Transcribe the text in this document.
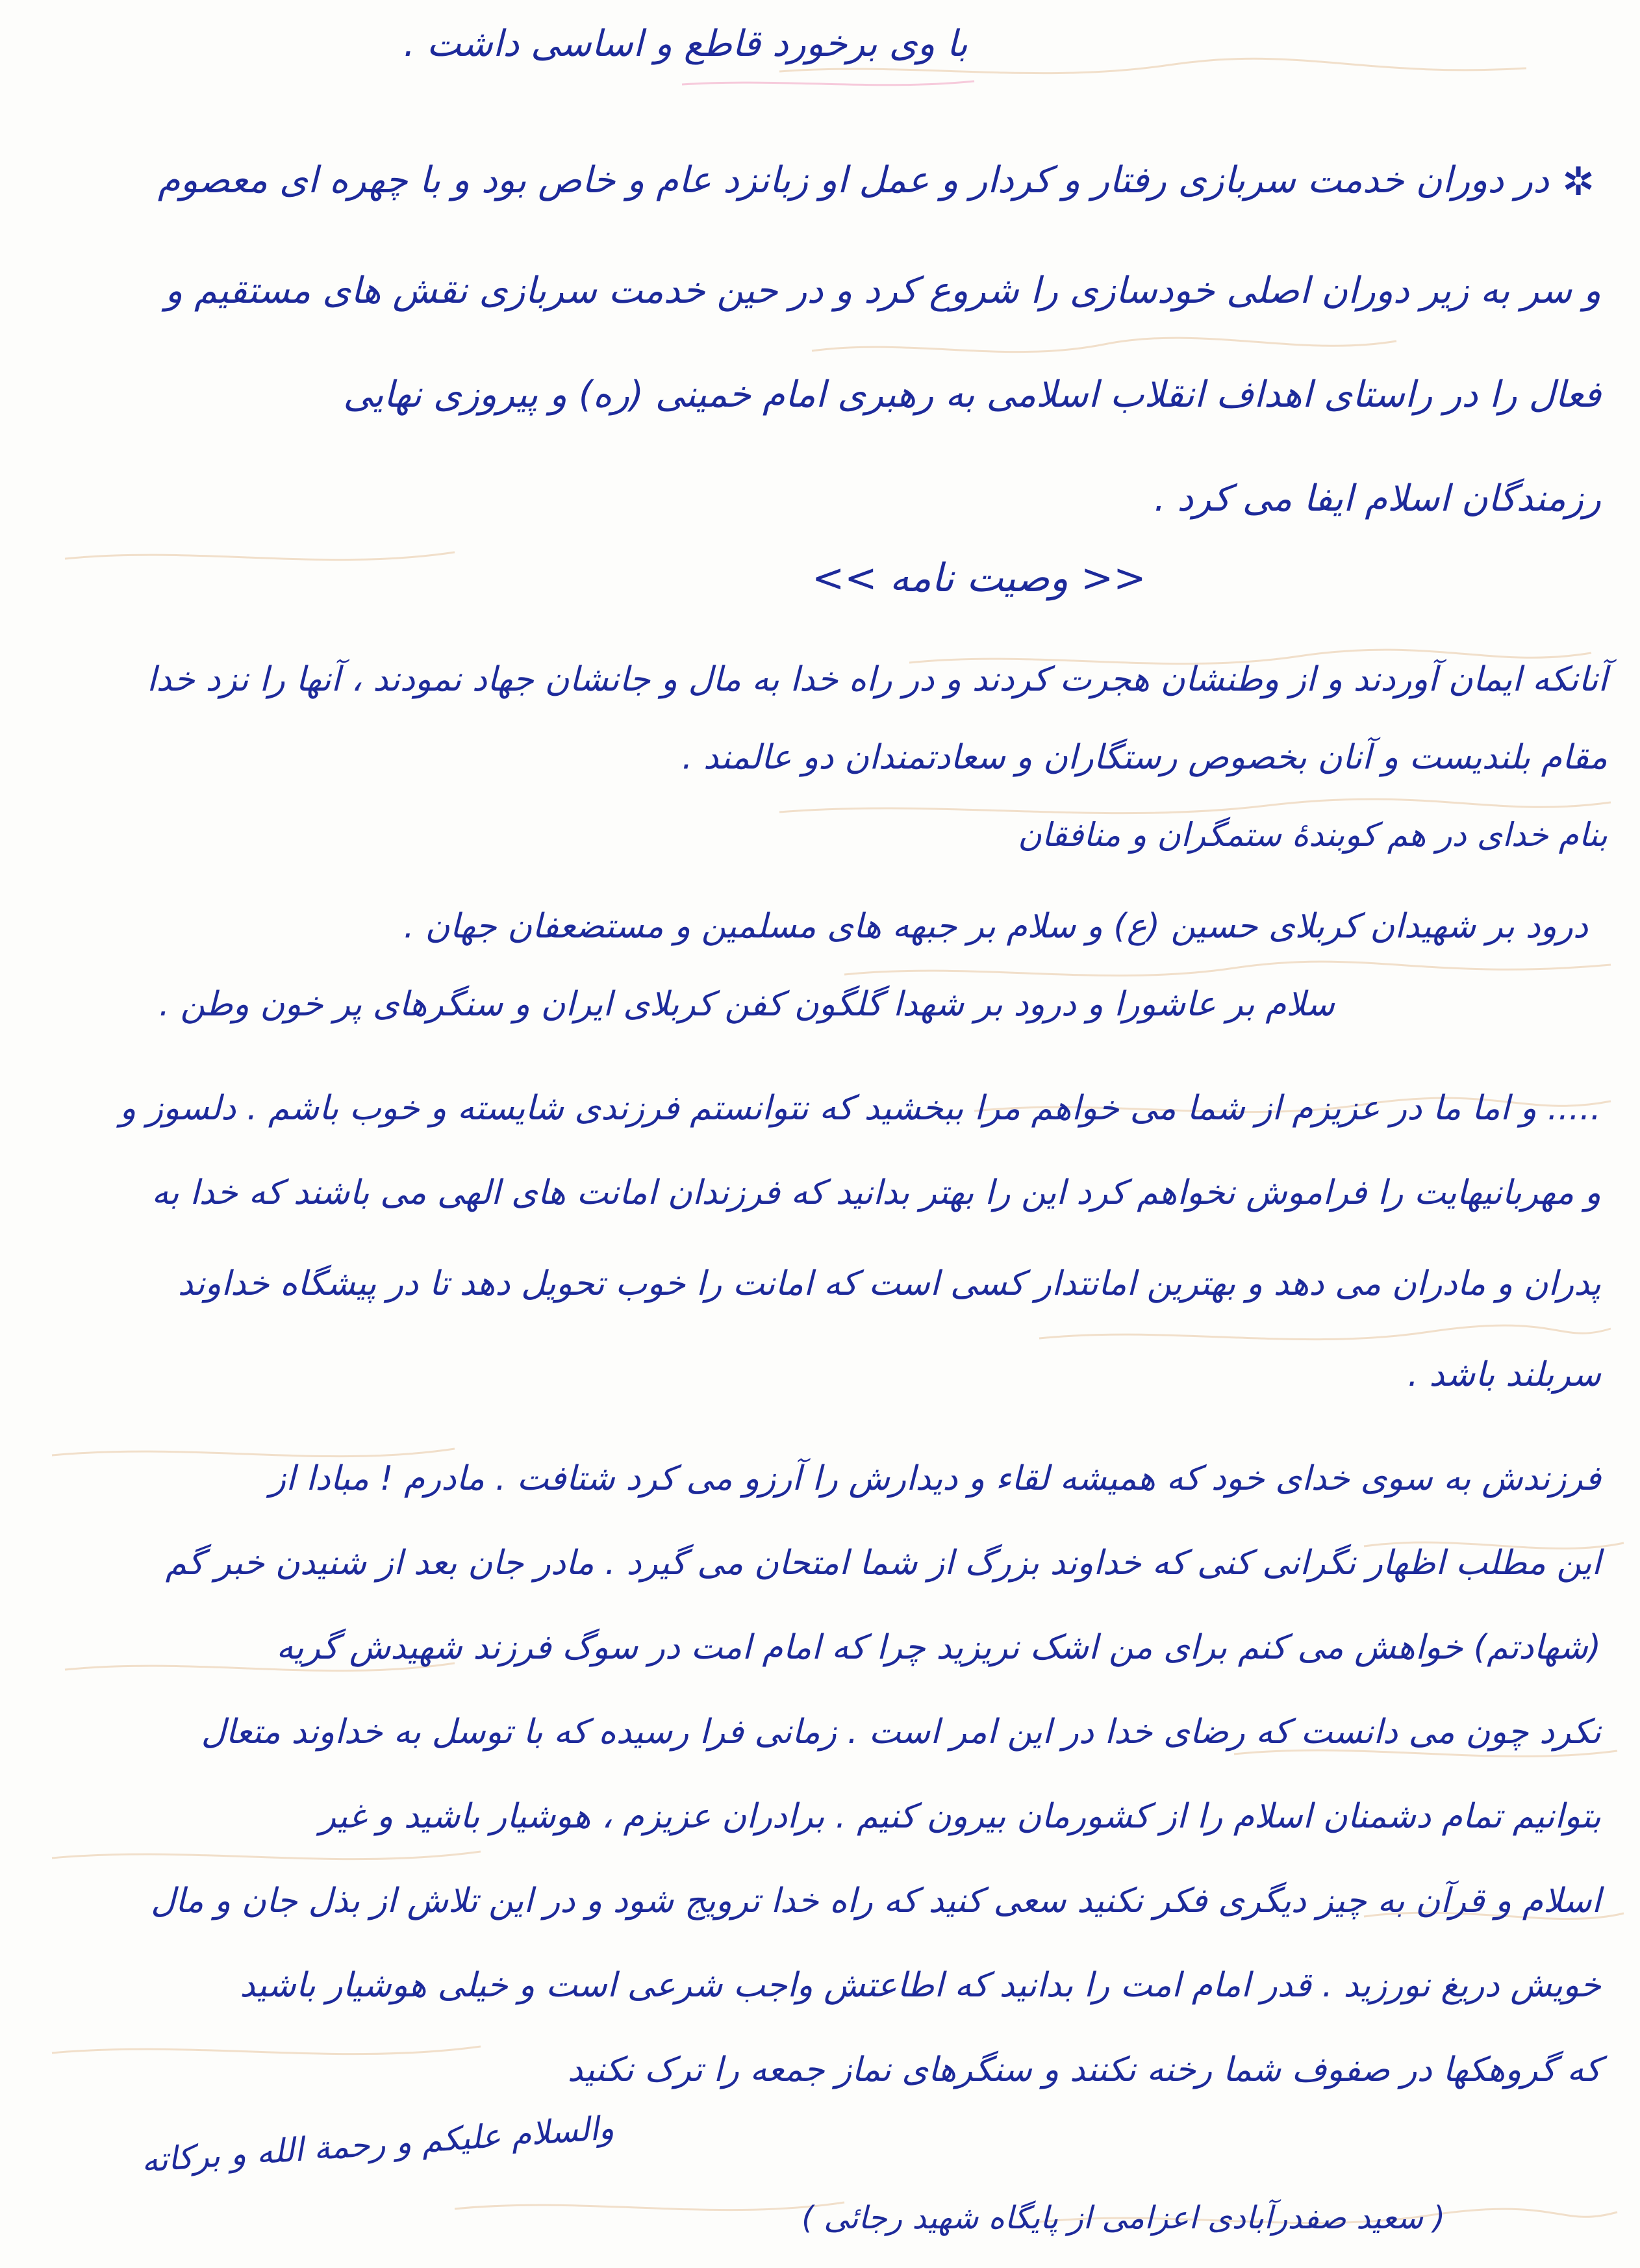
با وی برخورد قاطع و اساسی داشت .
✲
در دوران خدمت سربازی رفتار و کردار و عمل او زبانزد عام و خاص بود و با چهره ای معصوم
و سر به زیر دوران اصلی خودسازی را شروع کرد و در حین خدمت سربازی نقش های مستقیم و
فعال را در راستای اهداف انقلاب اسلامی به رهبری امام خمینی (ره) و پیروزی نهایی
رزمندگان اسلام ایفا می کرد .
<< وصیت نامه >>
آنانکه ایمان آوردند و از وطنشان هجرت کردند و در راه خدا به مال و جانشان جهاد نمودند ، آنها را نزد خدا
مقام بلندیست و آنان بخصوص رستگاران و سعادتمندان دو عالمند .
بنام خدای در هم کوبندهٔ ستمگران و منافقان
درود بر شهیدان کربلای حسین (ع) و سلام بر جبهه های مسلمین و مستضعفان جهان .
سلام بر عاشورا و درود بر شهدا گلگون کفن کربلای ایران و سنگرهای پر خون وطن .
..... و اما ما در عزیزم از شما می خواهم مرا ببخشید که نتوانستم فرزندی شایسته و خوب باشم . دلسوز و
و مهربانیهایت را فراموش نخواهم کرد این را بهتر بدانید که فرزندان امانت های الهی می باشند که خدا به
پدران و مادران می دهد و بهترین امانتدار کسی است که امانت را خوب تحویل دهد تا در پیشگاه خداوند
سربلند باشد .
فرزندش به سوی خدای خود که همیشه لقاء و دیدارش را آرزو می کرد شتافت . مادرم ! مبادا از
این مطلب اظهار نگرانی کنی که خداوند بزرگ از شما امتحان می گیرد . مادر جان بعد از شنیدن خبر گم
(شهادتم) خواهش می کنم برای من اشک نریزید چرا که امام امت در سوگ فرزند شهیدش گریه
نکرد چون می دانست که رضای خدا در این امر است . زمانی فرا رسیده که با توسل به خداوند متعال
بتوانیم تمام دشمنان اسلام را از کشورمان بیرون کنیم . برادران عزیزم ، هوشیار باشید و غیر
اسلام و قرآن به چیز دیگری فکر نکنید سعی کنید که راه خدا ترویج شود و در این تلاش از بذل جان و مال
خویش دریغ نورزید . قدر امام امت را بدانید که اطاعتش واجب شرعی است و خیلی هوشیار باشید
که گروهکها در صفوف شما رخنه نکنند و سنگرهای نماز جمعه را ترک نکنید
والسلام علیکم و رحمة الله و برکاته
( سعید صفدرآبادی اعزامی از پایگاه شهید رجائی )
